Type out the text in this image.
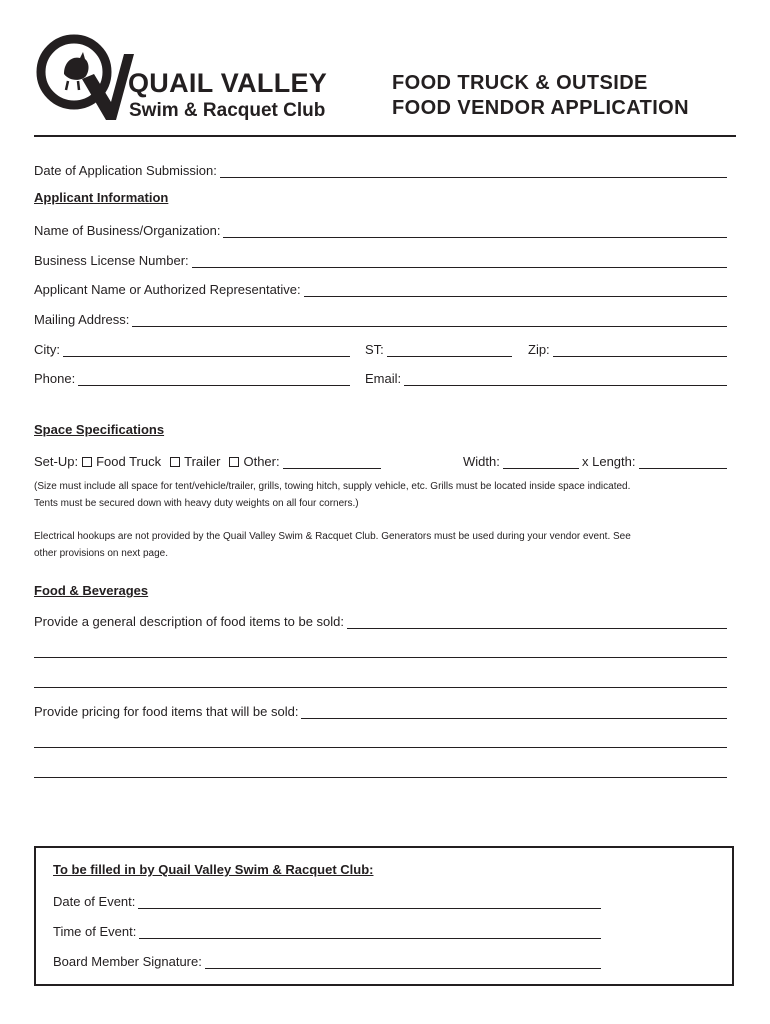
QUAIL VALLEY
Swim & Racquet Club
FOOD TRUCK & OUTSIDE
FOOD VENDOR APPLICATION
Date of Application Submission:
Applicant Information
Name of Business/Organization:
Business License Number:
Applicant Name or Authorized Representative:
Mailing Address:
City:	ST:	Zip:
Phone:	Email:
Space Specifications
Set-Up: Food Truck Trailer Other:	Width:	x Length:
(Size must include all space for tent/vehicle/trailer, grills, towing hitch, supply vehicle, etc. Grills must be located inside space indicated.
Tents must be secured down with heavy duty weights on all four corners.)
Electrical hookups are not provided by the Quail Valley Swim & Racquet Club. Generators must be used during your vendor event. See
other provisions on next page.
Food & Beverages
Provide a general description of food items to be sold:
Provide pricing for food items that will be sold:
To be filled in by Quail Valley Swim & Racquet Club:
Date of Event:
Time of Event:
Board Member Signature:
